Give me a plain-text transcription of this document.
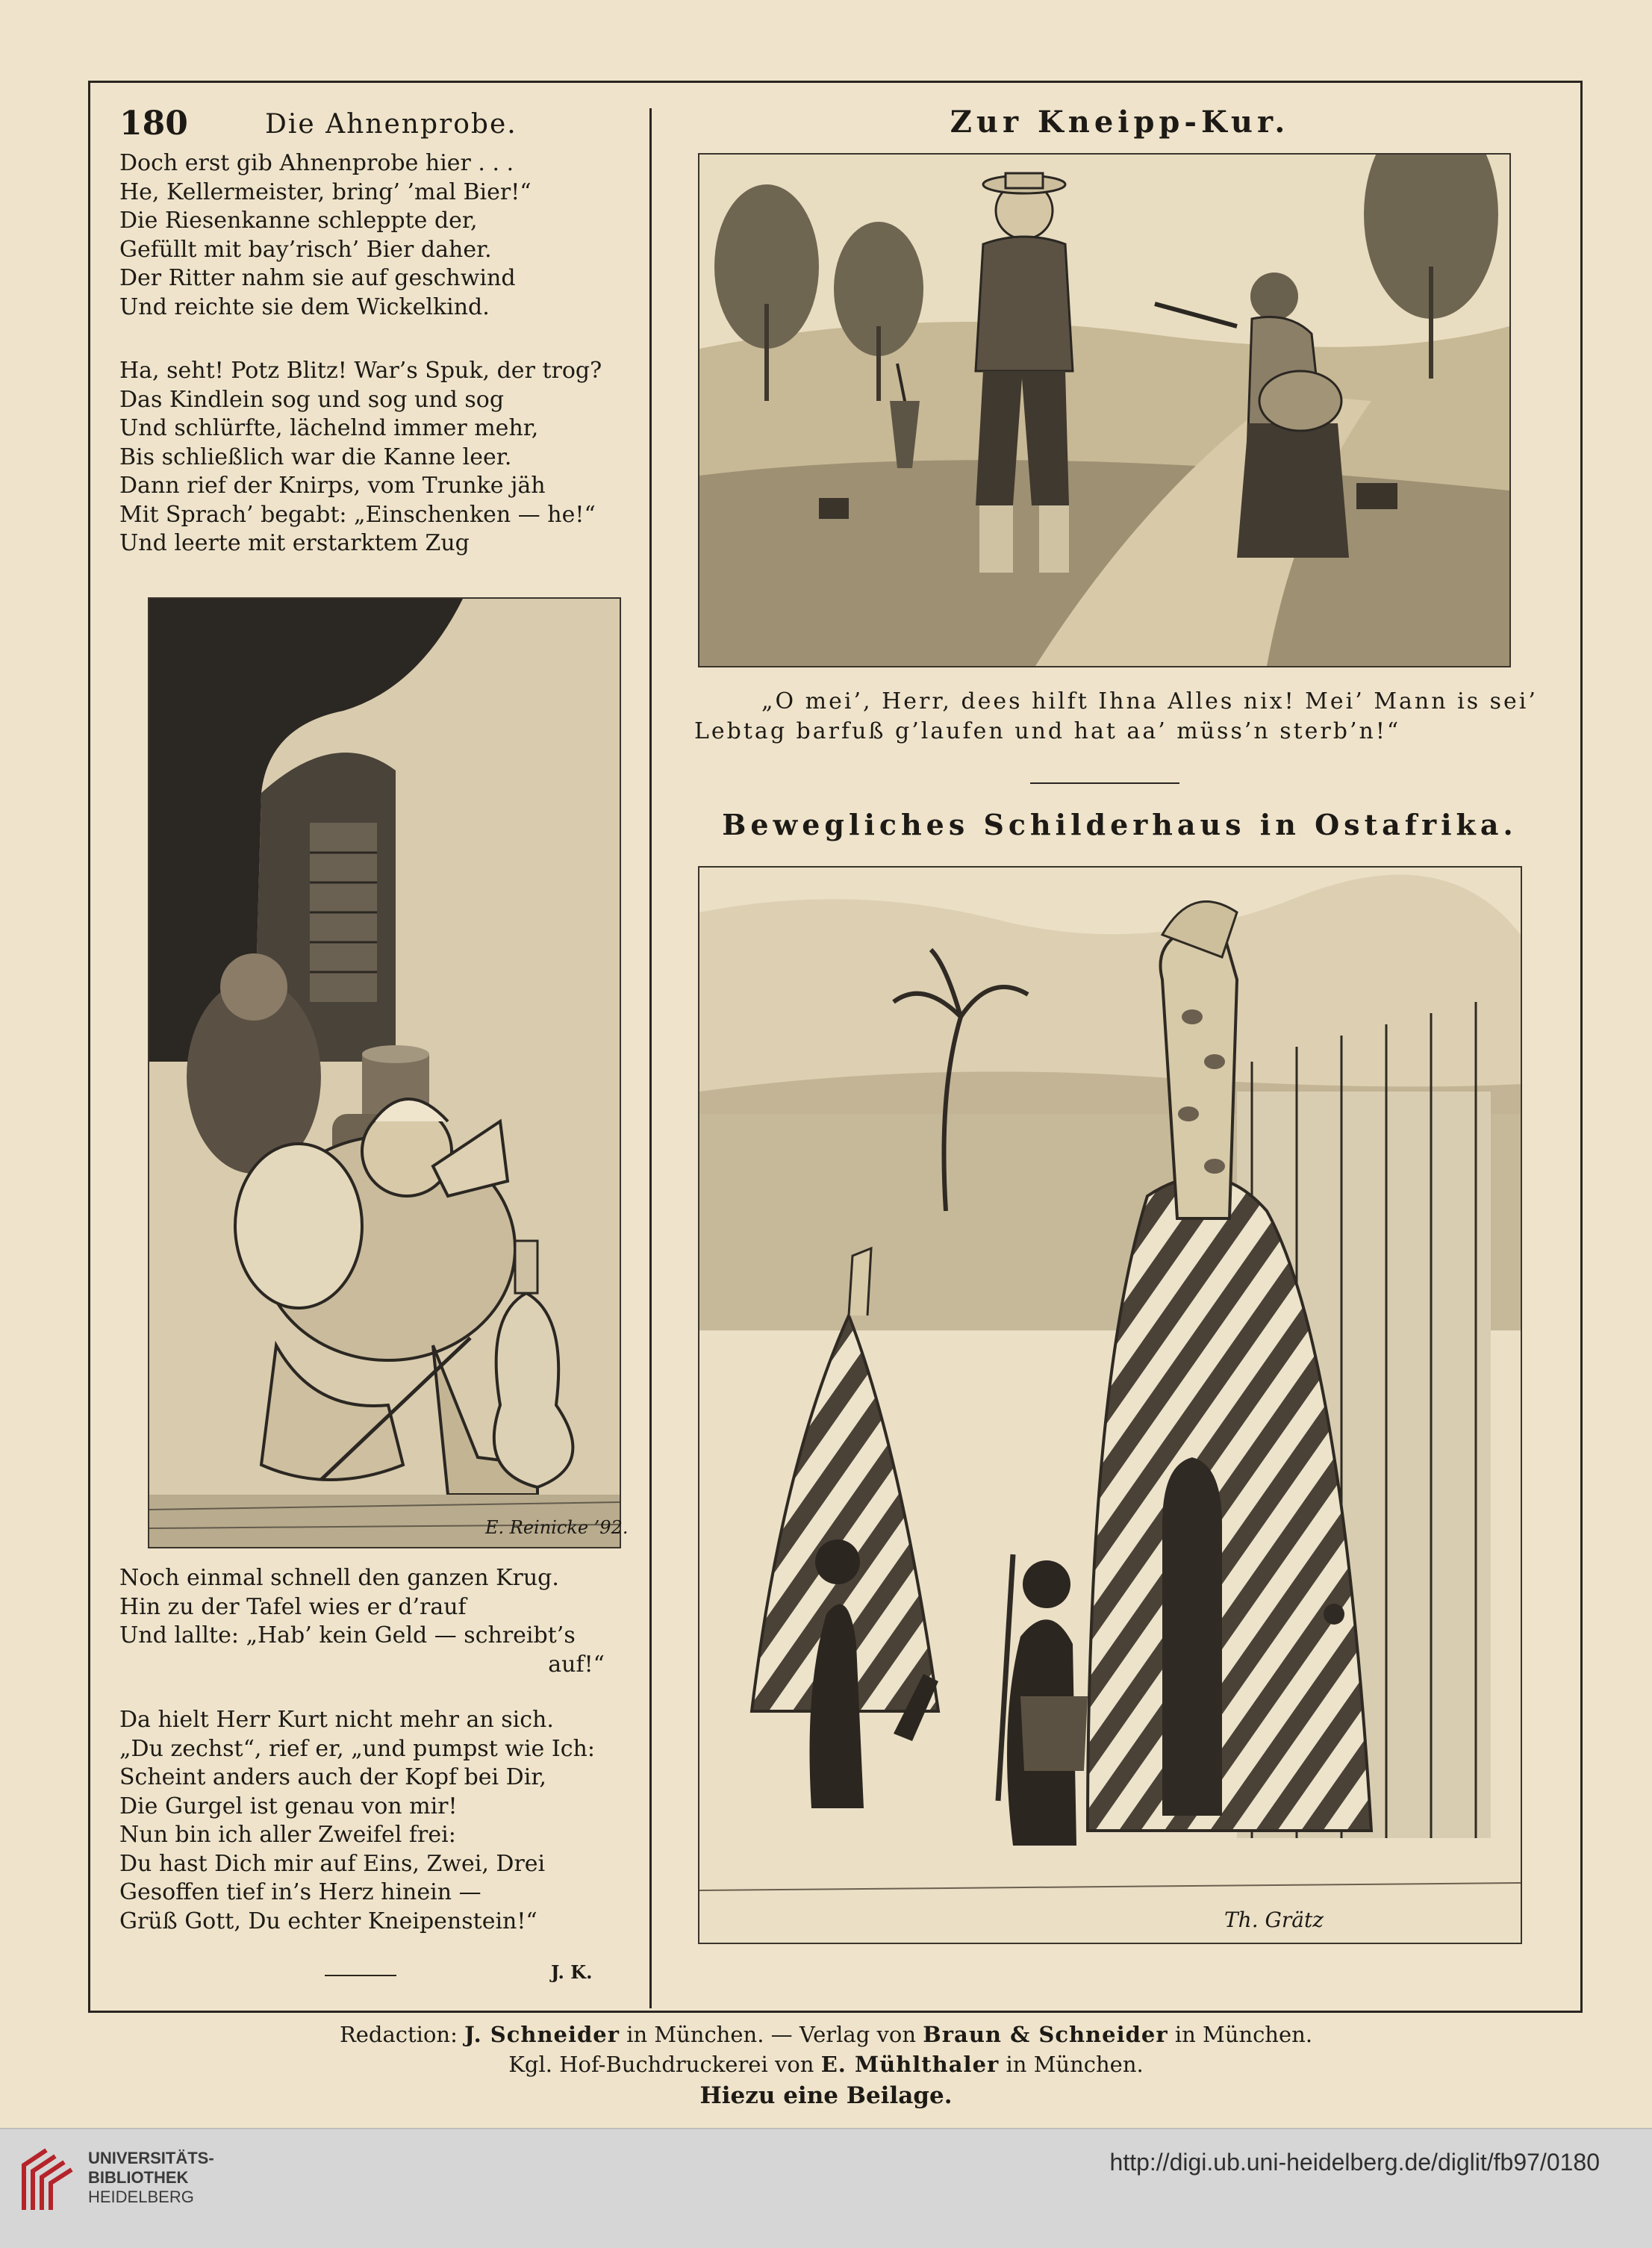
180	Die Ahnenprobe.
Doch erst gib Ahnenprobe hier . . .
He, Kellermeister, bring’ ’mal Bier!“
Die Riesenkanne schleppte der,
Gefüllt mit bay’risch’ Bier daher.
Der Ritter nahm sie auf geschwind
Und reichte sie dem Wickelkind.
Ha, seht! Potz Blitz! War’s Spuk, der trog?
Das Kindlein sog und sog und sog
Und schlürfte, lächelnd immer mehr,
Bis schließlich war die Kanne leer.
Dann rief der Knirps, vom Trunke jäh
Mit Sprach’ begabt: „Einschenken — he!“
Und leerte mit erstarktem Zug
E. Reinicke ’92.
Noch einmal schnell den ganzen Krug.
Hin zu der Tafel wies er d’rauf
Und lallte: „Hab’ kein Geld — schreibt’s
auf!“
Da hielt Herr Kurt nicht mehr an sich.
„Du zechst“, rief er, „und pumpst wie Ich:
Scheint anders auch der Kopf bei Dir,
Die Gurgel ist genau von mir!
Nun bin ich aller Zweifel frei:
Du hast Dich mir auf Eins, Zwei, Drei
Gesoffen tief in’s Herz hinein —
Grüß Gott, Du echter Kneipenstein!“
J. K.
Zur Kneipp-Kur.
„O mei’, Herr, dees hilft Ihna Alles nix! Mei’ Mann is sei’
Lebtag barfuß g’laufen und hat aa’ müss’n sterb’n!“
Bewegliches Schilderhaus in Ostafrika.
Th. Grätz
Redaction: J. Schneider in München. — Verlag von Braun & Schneider in München.
Kgl. Hof-Buchdruckerei von E. Mühlthaler in München.
Hiezu eine Beilage.
UNIVERSITÄTS-
BIBLIOTHEK
HEIDELBERG
http://digi.ub.uni-heidelberg.de/diglit/fb97/0180
